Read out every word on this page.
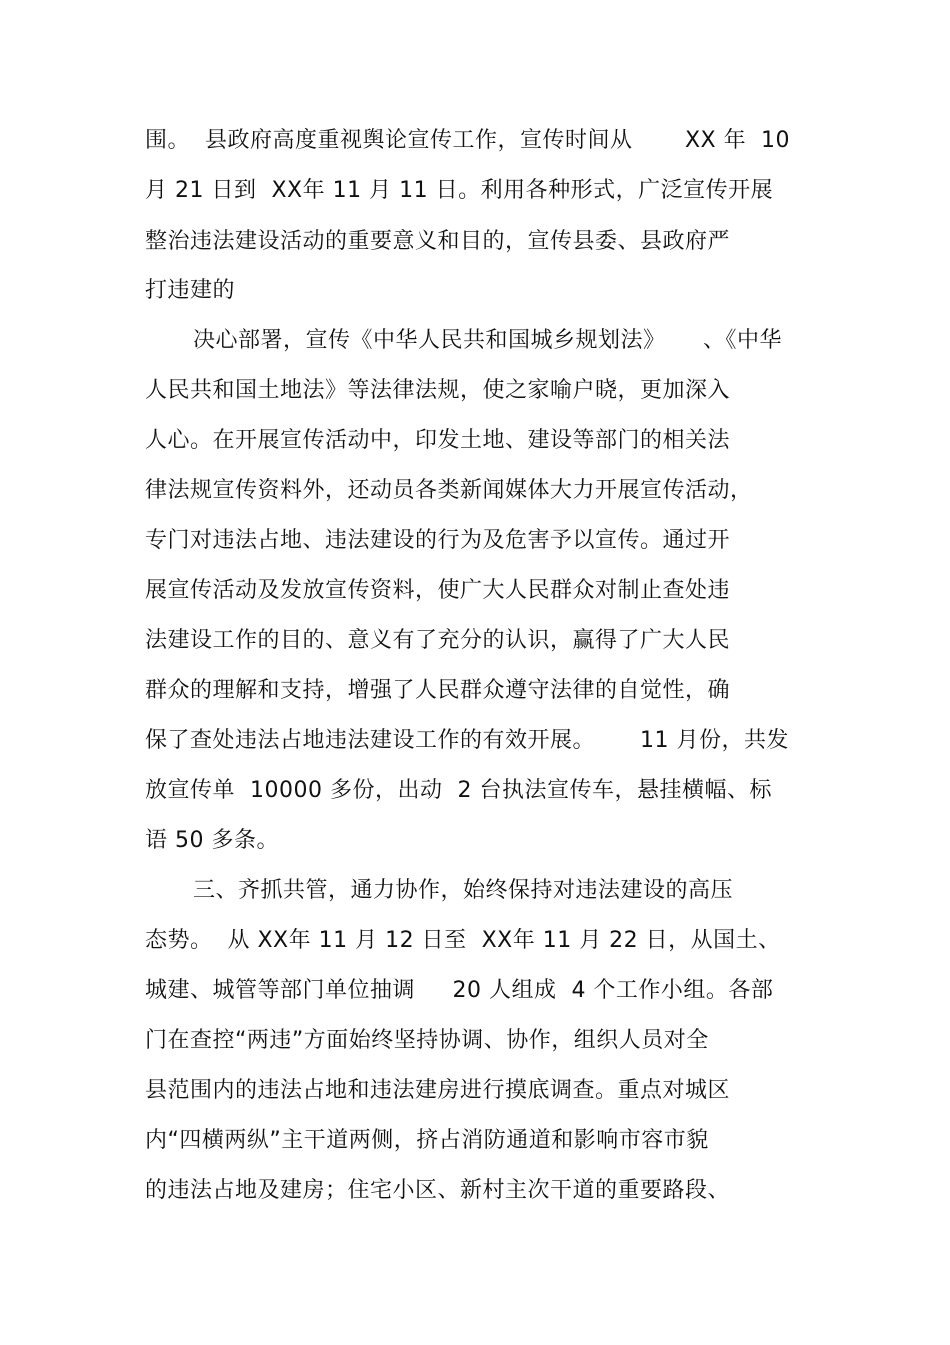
围。  县政府高度重视舆论宣传工作，宣传时间从       XX 年  10
月 21 日到  XX年 11 月 11 日。利用各种形式，广泛宣传开展
整治违法建设活动的重要意义和目的，宣传县委、县政府严
打违建的
决心部署，宣传《中华人民共和国城乡规划法》     、《中华
人民共和国土地法》等法律法规，使之家喻户晓，更加深入
人心。在开展宣传活动中，印发土地、建设等部门的相关法
律法规宣传资料外，还动员各类新闻媒体大力开展宣传活动，
专门对违法占地、违法建设的行为及危害予以宣传。通过开
展宣传活动及发放宣传资料，使广大人民群众对制止查处违
法建设工作的目的、意义有了充分的认识，赢得了广大人民
群众的理解和支持，增强了人民群众遵守法律的自觉性，确
保了查处违法占地违法建设工作的有效开展。      11 月份，共发
放宣传单  10000 多份，出动  2 台执法宣传车，悬挂横幅、标
语 50 多条。
三、齐抓共管，通力协作，始终保持对违法建设的高压
态势。  从 XX年 11 月 12 日至  XX年 11 月 22 日，从国土、
城建、城管等部门单位抽调     20 人组成  4 个工作小组。各部
门在查控“两违”方面始终坚持协调、协作，组织人员对全
县范围内的违法占地和违法建房进行摸底调查。重点对城区
内“四横两纵”主干道两侧，挤占消防通道和影响市容市貌
的违法占地及建房；住宅小区、新村主次干道的重要路段、
